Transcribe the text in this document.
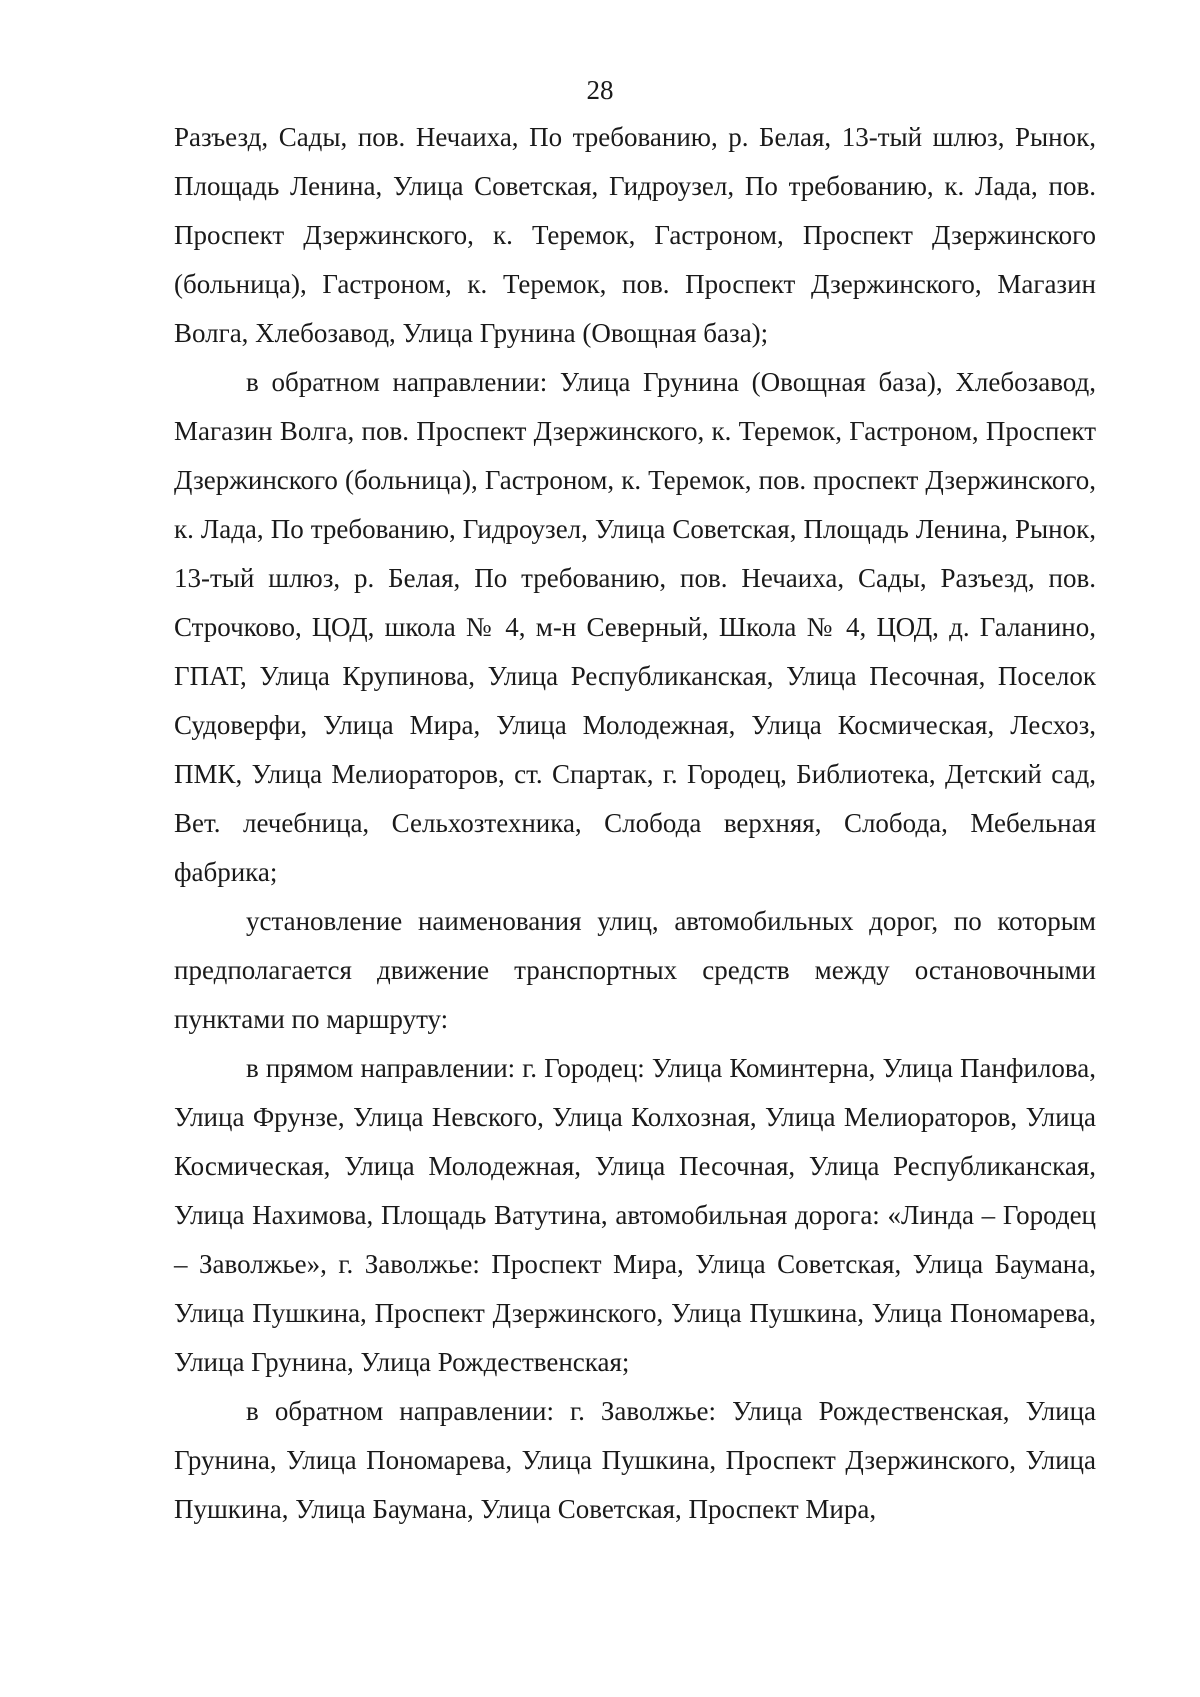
28

Разъезд, Сады, пов. Нечаиха, По требованию, р. Белая, 13-тый шлюз, Рынок, Площадь Ленина, Улица Советская, Гидроузел, По требованию, к. Лада, пов. Проспект Дзержинского, к. Теремок, Гастроном, Проспект Дзержинского (больница), Гастроном, к. Теремок, пов. Проспект Дзержинского, Магазин Волга, Хлебозавод, Улица Грунина (Овощная база);

в обратном направлении: Улица Грунина (Овощная база), Хлебозавод, Магазин Волга, пов. Проспект Дзержинского, к. Теремок, Гастроном, Проспект Дзержинского (больница), Гастроном, к. Теремок, пов. проспект Дзержинского, к. Лада, По требованию, Гидроузел, Улица Советская, Площадь Ленина, Рынок, 13-тый шлюз, р. Белая, По требованию, пов. Нечаиха, Сады, Разъезд, пов. Строчково, ЦОД, школа № 4, м-н Северный, Школа № 4, ЦОД, д. Галанино, ГПАТ, Улица Крупинова, Улица Республиканская, Улица Песочная, Поселок Судоверфи, Улица Мира, Улица Молодежная, Улица Космическая, Лесхоз, ПМК, Улица Мелиораторов, ст. Спартак, г. Городец, Библиотека, Детский сад, Вет. лечебница, Сельхозтехника, Слобода верхняя, Слобода, Мебельная фабрика;

установление наименования улиц, автомобильных дорог, по которым предполагается движение транспортных средств между остановочными пунктами по маршруту:

в прямом направлении: г. Городец: Улица Коминтерна, Улица Панфилова, Улица Фрунзе, Улица Невского, Улица Колхозная, Улица Мелиораторов, Улица Космическая, Улица Молодежная, Улица Песочная, Улица Республиканская, Улица Нахимова, Площадь Ватутина, автомобильная дорога: «Линда – Городец – Заволжье», г. Заволжье: Проспект Мира, Улица Советская, Улица Баумана, Улица Пушкина, Проспект Дзержинского, Улица Пушкина, Улица Пономарева, Улица Грунина, Улица Рождественская;

в обратном направлении: г. Заволжье: Улица Рождественская, Улица Грунина, Улица Пономарева, Улица Пушкина, Проспект Дзержинского, Улица Пушкина, Улица Баумана, Улица Советская, Проспект Мира,
